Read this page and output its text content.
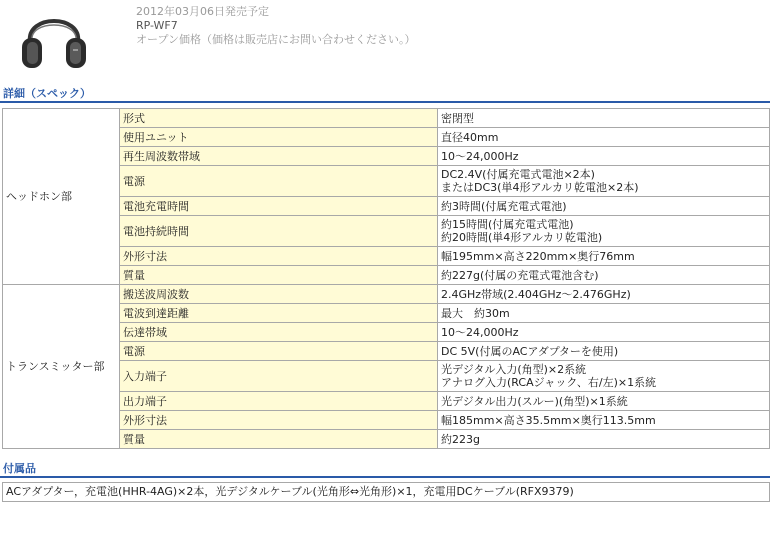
2012年03月06日発売予定
RP-WF7
オープン価格（価格は販売店にお問い合わせください。）
詳細（スペック）
ヘッドホン部	形式	密閉型

	使用ユニット	直径40mm

	再生周波数帯域	10～24,000Hz

	電源	DC2.4V(付属充電式電池×2本)
またはDC3(単4形アルカリ乾電池×2本)

	電池充電時間	約3時間(付属充電式電池)

	電池持続時間	約15時間(付属充電式電池)
約20時間(単4形アルカリ乾電池)

	外形寸法	幅195mm×高さ220mm×奥行76mm

	質量	約227g(付属の充電式電池含む)

トランスミッター部	搬送波周波数	2.4GHz帯域(2.404GHz～2.476GHz)

	電波到達距離	最大　約30m

	伝達帯域	10～24,000Hz

	電源	DC 5V(付属のACアダプターを使用)

	入力端子	光デジタル入力(角型)×2系統
アナログ入力(RCAジャック、右/左)×1系統

	出力端子	光デジタル出力(スルー)(角型)×1系統

	外形寸法	幅185mm×高さ35.5mm×奥行113.5mm

	質量	約223g
付属品
ACアダプター，充電池(HHR-4AG)×2本，光デジタルケーブル(光角形⇔光角形)×1，充電用DCケーブル(RFX9379)
